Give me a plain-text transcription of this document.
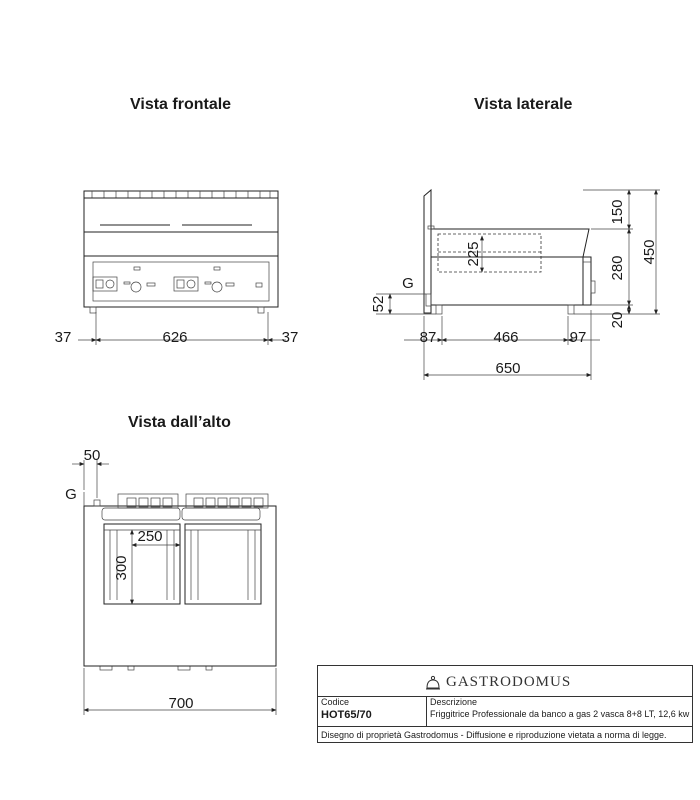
Vista frontale	Vista laterale
Vista dall’alto
37	626	37
225
150
280
20
450
G
52
87	466	97
650
250
300
50
G
700
GASTRODOMUS
Codice
HOT65/70
Descrizione
Friggitrice Professionale da banco a gas 2 vasca 8+8 LT, 12,6 kw
Disegno di proprietà Gastrodomus - Diffusione e riproduzione vietata a norma di legge.
